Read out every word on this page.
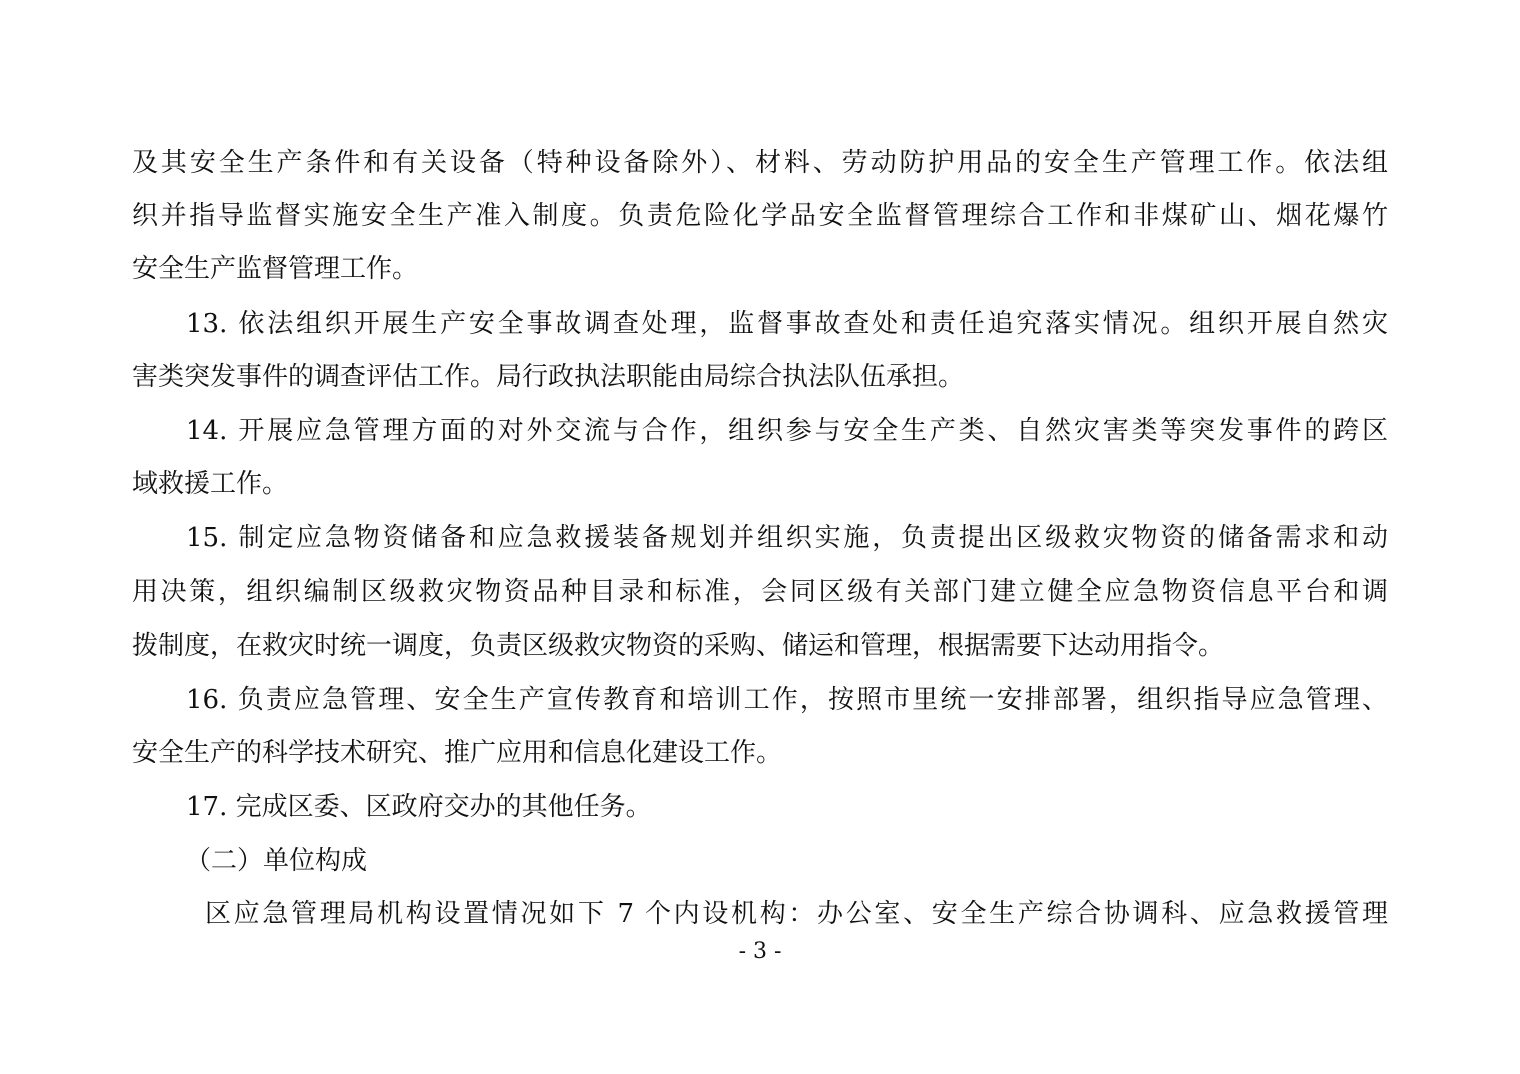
及其安全生产条件和有关设备（特种设备除外）、材料、劳动防护用品的安全生产管理工作。依法组
织并指导监督实施安全生产准入制度。负责危险化学品安全监督管理综合工作和非煤矿山、烟花爆竹
安全生产监督管理工作。
13. 依法组织开展生产安全事故调查处理，监督事故查处和责任追究落实情况。组织开展自然灾
害类突发事件的调查评估工作。局行政执法职能由局综合执法队伍承担。
14. 开展应急管理方面的对外交流与合作，组织参与安全生产类、自然灾害类等突发事件的跨区
域救援工作。
15. 制定应急物资储备和应急救援装备规划并组织实施，负责提出区级救灾物资的储备需求和动
用决策，组织编制区级救灾物资品种目录和标准，会同区级有关部门建立健全应急物资信息平台和调
拨制度，在救灾时统一调度，负责区级救灾物资的采购、储运和管理，根据需要下达动用指令。
16. 负责应急管理、安全生产宣传教育和培训工作，按照市里统一安排部署，组织指导应急管理、
安全生产的科学技术研究、推广应用和信息化建设工作。
17. 完成区委、区政府交办的其他任务。
（二）单位构成
区应急管理局机构设置情况如下 7 个内设机构：办公室、安全生产综合协调科、应急救援管理
- 3 -
